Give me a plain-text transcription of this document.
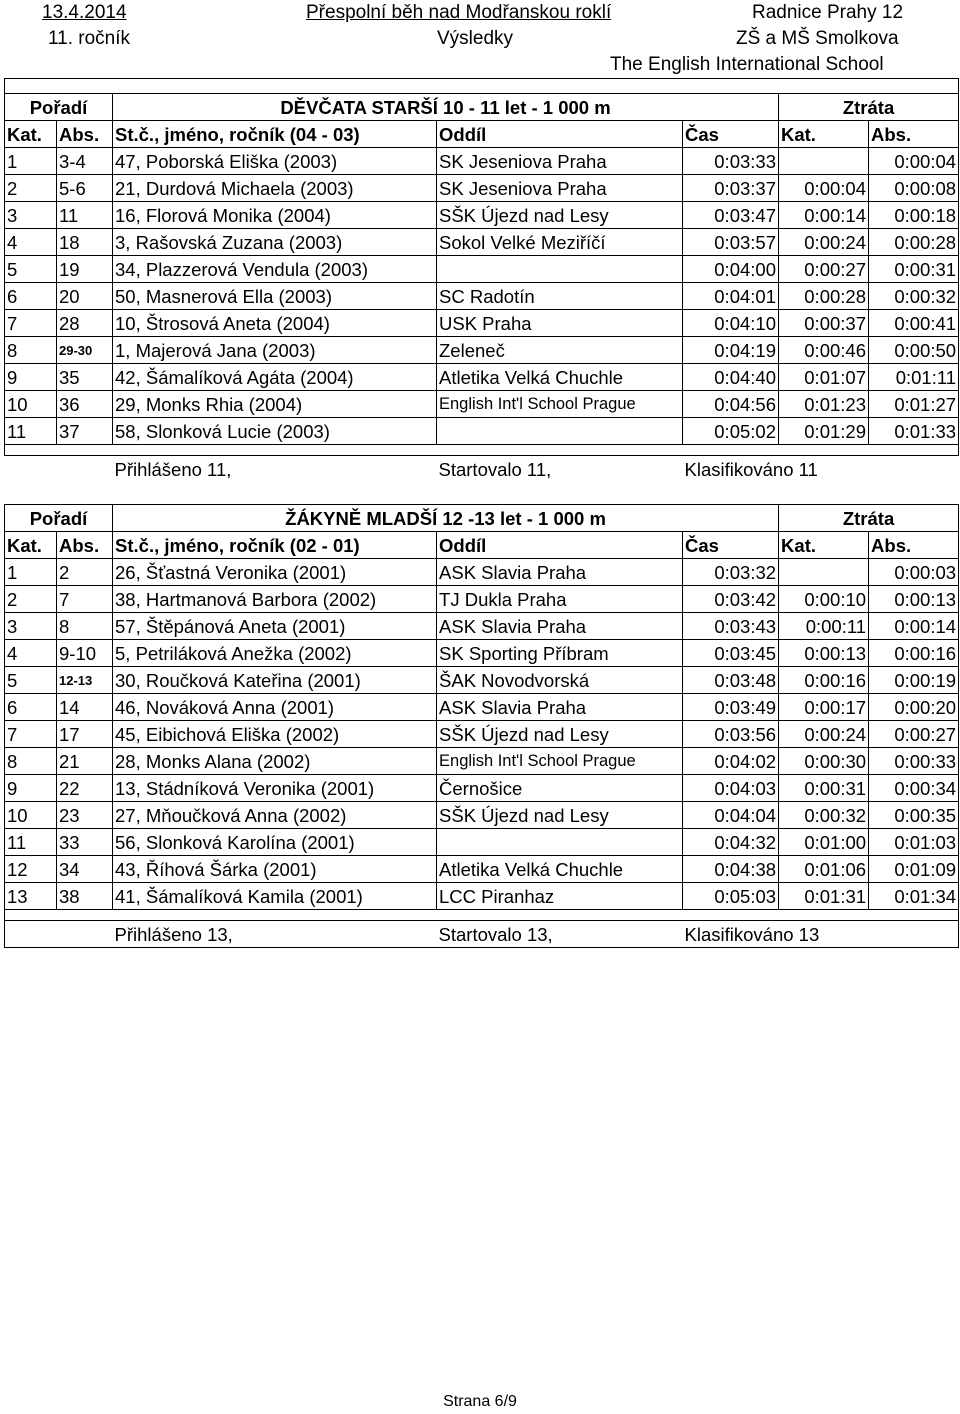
13.4.2014	Přespolní běh nad Modřanskou roklí	Radnice Prahy 12
11. ročník	Výsledky	ZŠ a MŠ Smolkova
The English International School

Pořadí		DĚVČATA STARŠÍ 10 - 11 let - 1 000 m			Ztráta	
Kat.	Abs.	St.č., jméno, ročník (04 - 03)	Oddíl	Čas	Kat.	Abs.
1	3-4	47, Poborská Eliška (2003)	SK Jeseniova Praha	0:03:33		0:00:04
2	5-6	21, Durdová Michaela (2003)	SK Jeseniova Praha	0:03:37	0:00:04	0:00:08
3	11	16, Florová Monika (2004)	SŠK Újezd nad Lesy	0:03:47	0:00:14	0:00:18
4	18	3, Rašovská Zuzana (2003)	Sokol Velké Meziříčí	0:03:57	0:00:24	0:00:28
5	19	34, Plazzerová Vendula (2003)		0:04:00	0:00:27	0:00:31
6	20	50, Masnerová Ella (2003)	SC Radotín	0:04:01	0:00:28	0:00:32
7	28	10, Štrosová Aneta (2004)	USK Praha	0:04:10	0:00:37	0:00:41
8	29-30	1, Majerová Jana (2003)	Zeleneč	0:04:19	0:00:46	0:00:50
9	35	42, Šámalíková Agáta (2004)	Atletika Velká Chuchle	0:04:40	0:01:07	0:01:11
10	36	29, Monks Rhia (2004)	English Int'l School Prague	0:04:56	0:01:23	0:01:27
11	37	58, Slonková Lucie (2003)		0:05:02	0:01:29	0:01:33

		Přihlášeno 11,	Startovalo 11,	Klasifikováno 11		
Pořadí		ŽÁKYNĚ MLADŠÍ 12 -13 let - 1 000 m			Ztráta	
Kat.	Abs.	St.č., jméno, ročník (02 - 01)	Oddíl	Čas	Kat.	Abs.
1	2	26, Šťastná Veronika (2001)	ASK Slavia Praha	0:03:32		0:00:03
2	7	38, Hartmanová Barbora (2002)	TJ Dukla Praha	0:03:42	0:00:10	0:00:13
3	8	57, Štěpánová Aneta (2001)	ASK Slavia Praha	0:03:43	0:00:11	0:00:14
4	9-10	5, Petriláková Anežka (2002)	SK Sporting Příbram	0:03:45	0:00:13	0:00:16
5	12-13	30, Roučková Kateřina (2001)	ŠAK Novodvorská	0:03:48	0:00:16	0:00:19
6	14	46, Nováková Anna (2001)	ASK Slavia Praha	0:03:49	0:00:17	0:00:20
7	17	45, Eibichová Eliška (2002)	SŠK Újezd nad Lesy	0:03:56	0:00:24	0:00:27
8	21	28, Monks Alana (2002)	English Int'l School Prague	0:04:02	0:00:30	0:00:33
9	22	13, Stádníková Veronika (2001)	Černošice	0:04:03	0:00:31	0:00:34
10	23	27, Mňoučková Anna (2002)	SŠK Újezd nad Lesy	0:04:04	0:00:32	0:00:35
11	33	56, Slonková Karolína (2001)		0:04:32	0:01:00	0:01:03
12	34	43, Říhová Šárka (2001)	Atletika Velká Chuchle	0:04:38	0:01:06	0:01:09
13	38	41, Šámalíková Kamila (2001)	LCC Piranhaz	0:05:03	0:01:31	0:01:34

		Přihlášeno 13,	Startovalo 13,	Klasifikováno 13		
Strana 6/9
